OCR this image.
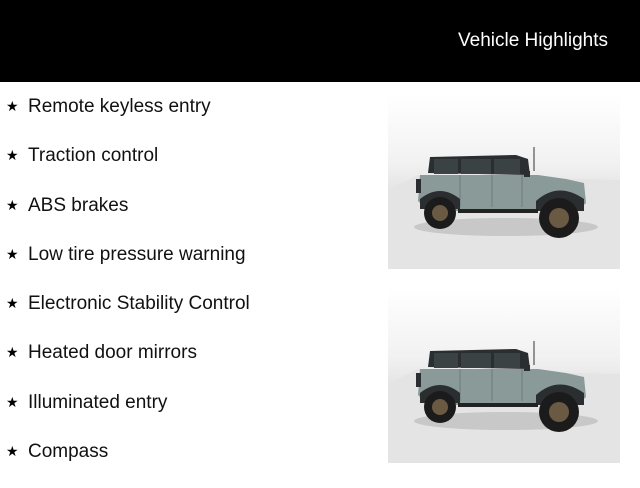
Vehicle Highlights
★ Remote keyless entry
★ Traction control
★ ABS brakes
★ Low tire pressure warning
★ Electronic Stability Control
★ Heated door mirrors
★ Illuminated entry
★ Compass
